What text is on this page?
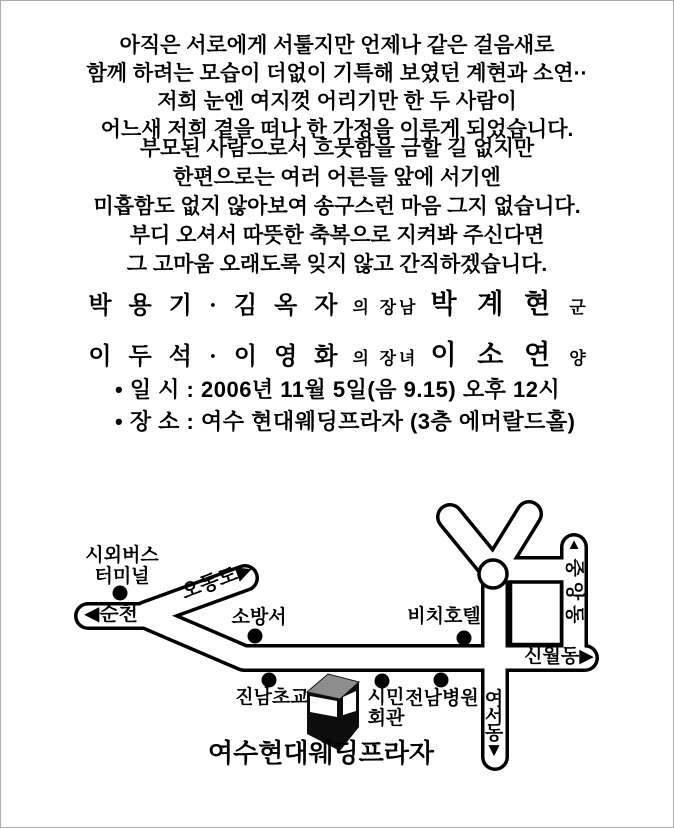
아직은 서로에게 서툴지만 언제나 같은 걸음새로
함께 하려는 모습이 더없이 기특해 보였던 계현과 소연··
저희 눈엔 여지껏 어리기만 한 두 사람이
어느새 저희 곁을 떠나 한 가정을 이루게 되었습니다.
부모된 사람으로서 흐뭇함을 금할 길 없지만
한편으로는 여러 어른들 앞에 서기엔
미흡함도 없지 않아보여 송구스런 마음 그지 없습니다.
부디 오셔서 따뜻한 축복으로 지켜봐 주신다면
그 고마움 오래도록 잊지 않고 간직하겠습니다.
박 용 기 · 김 옥 자 의 장남 박 계 현 군
이 두 석 · 이 영 화 의 장녀 이 소 연 양
• 일 시 : 2006년 11월 5일(음 9.15) 오후 12시
• 장 소 : 여수 현대웨딩프라자 (3층 에머랄드홀)
시외버스
터미널
◀순천
오동도▶
소방서	비치호텔
▲
중앙동
신월동▶
진남초교	시민
회관
전남병원 여서동▼
여수현대웨딩프라자
